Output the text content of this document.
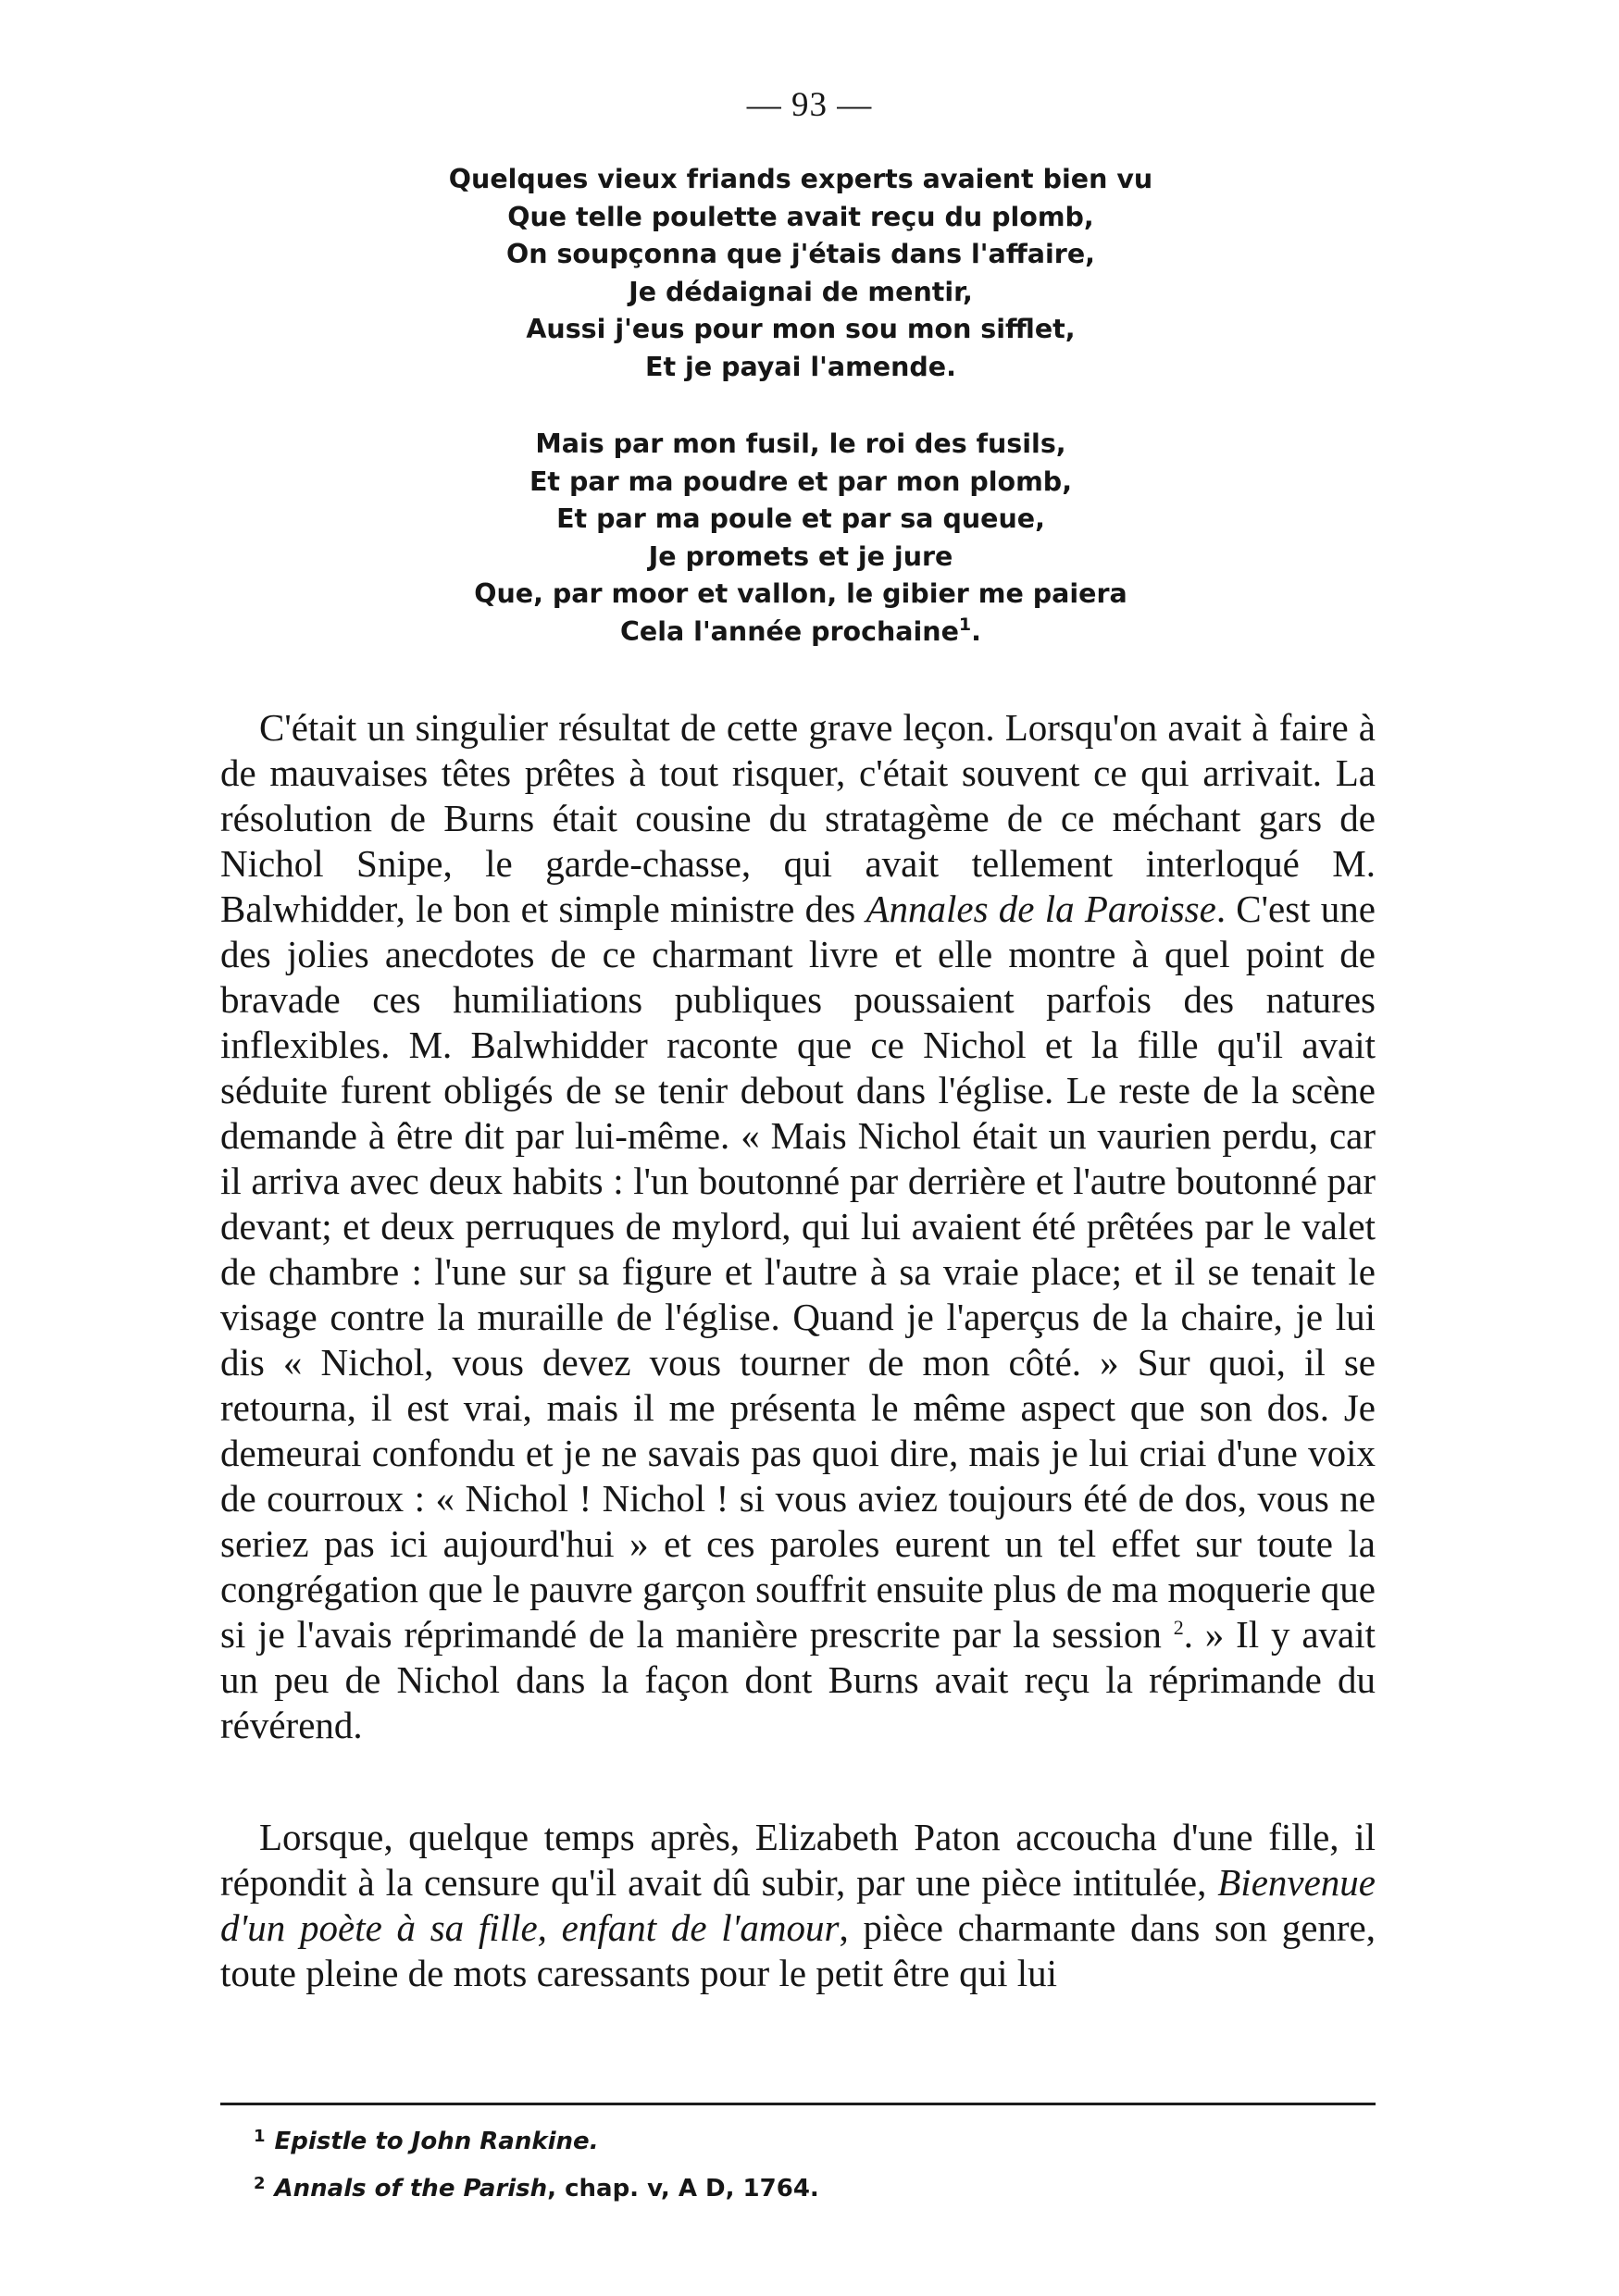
— 93 —
Quelques vieux friands experts avaient bien vu
Que telle poulette avait reçu du plomb,
On soupçonna que j'étais dans l'affaire,
Je dédaignai de mentir,
Aussi j'eus pour mon sou mon sifflet,
Et je payai l'amende.
Mais par mon fusil, le roi des fusils,
Et par ma poudre et par mon plomb,
Et par ma poule et par sa queue,
Je promets et je jure
Que, par moor et vallon, le gibier me paiera
Cela l'année prochaine$^1$.

C'était un singulier résultat de cette grave leçon. Lorsqu'on avait à faire à de mauvaises têtes prêtes à tout risquer, c'était souvent ce qui arrivait. La résolution de Burns était cousine du stratagème de ce méchant gars de Nichol Snipe, le garde-chasse, qui avait tellement interloqué M. Balwhidder, le bon et simple ministre des Annales de la Paroisse. C'est une des jolies anecdotes de ce charmant livre et elle montre à quel point de bravade ces humiliations publiques poussaient parfois des natures inflexibles. M. Balwhidder raconte que ce Nichol et la fille qu'il avait séduite furent obligés de se tenir debout dans l'église. Le reste de la scène demande à être dit par lui-même. « Mais Nichol était un vaurien perdu, car il arriva avec deux habits : l'un boutonné par derrière et l'autre boutonné par devant; et deux perruques de mylord, qui lui avaient été prêtées par le valet de chambre : l'une sur sa figure et l'autre à sa vraie place; et il se tenait le visage contre la muraille de l'église. Quand je l'aperçus de la chaire, je lui dis « Nichol, vous devez vous tourner de mon côté. » Sur quoi, il se retourna, il est vrai, mais il me présenta le même aspect que son dos. Je demeurai confondu et je ne savais pas quoi dire, mais je lui criai d'une voix de courroux : « Nichol ! Nichol ! si vous aviez toujours été de dos, vous ne seriez pas ici aujourd'hui » et ces paroles eurent un tel effet sur toute la congrégation que le pauvre garçon souffrit ensuite plus de ma moquerie que si je l'avais réprimandé de la manière prescrite par la session $^2$. » Il y avait un peu de Nichol dans la façon dont Burns avait reçu la réprimande du révérend.

Lorsque, quelque temps après, Elizabeth Paton accoucha d'une fille, il répondit à la censure qu'il avait dû subir, par une pièce intitulée, Bienvenue d'un poète à sa fille, enfant de l'amour, pièce charmante dans son genre, toute pleine de mots caressants pour le petit être qui lui

$^1$ Epistle to John Rankine.
$^2$ Annals of the Parish, chap. v, A D, 1764.
